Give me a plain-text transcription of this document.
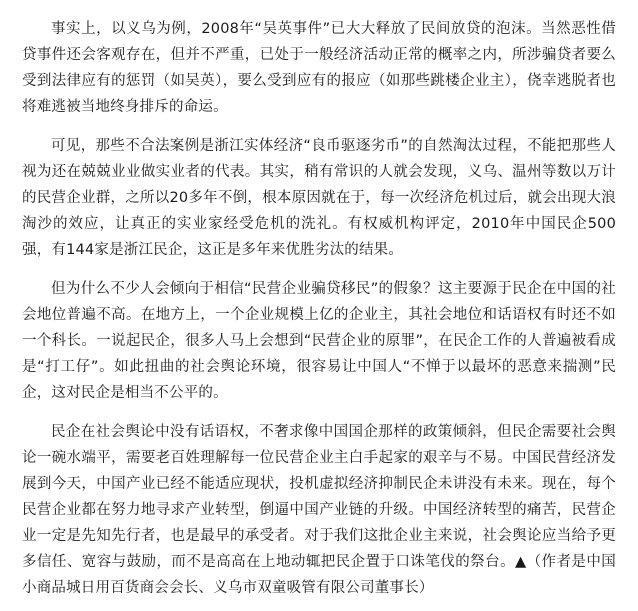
事实上，以义乌为例，2008年“吴英事件”已大大释放了民间放贷的泡沫。当然恶性借贷事件还会客观存在，但并不严重，已处于一般经济活动正常的概率之内，所涉骗贷者要么受到法律应有的惩罚（如吴英），要么受到应有的报应（如那些跳楼企业主），侥幸逃脱者也将难逃被当地终身排斥的命运。

可见，那些不合法案例是浙江实体经济“良币驱逐劣币”的自然淘汰过程，不能把那些人视为还在兢兢业业做实业者的代表。其实，稍有常识的人就会发现，义乌、温州等数以万计的民营企业群，之所以20多年不倒，根本原因就在于，每一次经济危机过后，就会出现大浪淘沙的效应，让真正的实业家经受危机的洗礼。有权威机构评定，2010年中国民企500强，有144家是浙江民企，这正是多年来优胜劣汰的结果。

但为什么不少人会倾向于相信“民营企业骗贷移民”的假象？这主要源于民企在中国的社会地位普遍不高。在地方上，一个企业规模上亿的企业主，其社会地位和话语权有时还不如一个科长。一说起民企，很多人马上会想到“民营企业的原罪”，在民企工作的人普遍被看成是“打工仔”。如此扭曲的社会舆论环境，很容易让中国人“不惮于以最坏的恶意来揣测”民企，这对民企是相当不公平的。

民企在社会舆论中没有话语权，不奢求像中国国企那样的政策倾斜，但民企需要社会舆论一碗水端平，需要老百姓理解每一位民营企业主白手起家的艰辛与不易。中国民营经济发展到今天，中国产业已经不能适应现状，投机虚拟经济抑制民企未讲没有未来。现在，每个民营企业都在努力地寻求产业转型，倒逼中国产业链的升级。中国经济转型的痛苦，民营企业一定是先知先行者，也是最早的承受者。对于我们这批企业主来说，社会舆论应当给予更多信任、宽容与鼓励，而不是高高在上地动辄把民企置于口诛笔伐的祭台。▲（作者是中国小商品城日用百货商会会长、义乌市双童吸管有限公司董事长）
